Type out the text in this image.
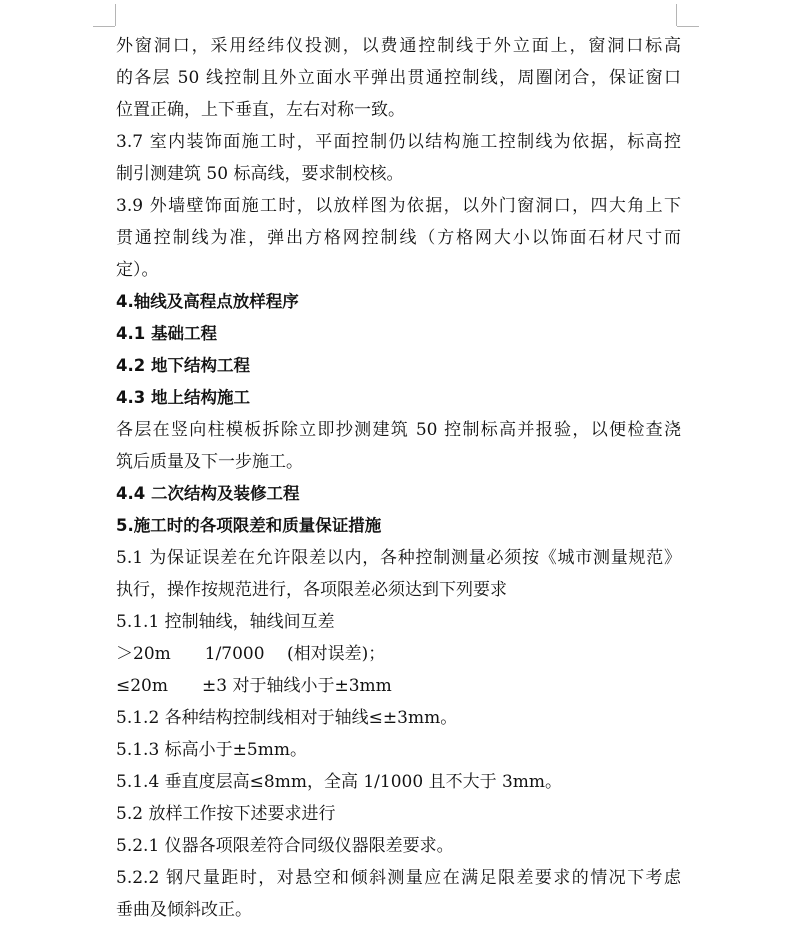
外窗洞口，采用经纬仪投测，以费通控制线于外立面上，窗洞口标高
的各层 50 线控制且外立面水平弹出贯通控制线，周圈闭合，保证窗口
位置正确，上下垂直，左右对称一致。
3.7 室内装饰面施工时，平面控制仍以结构施工控制线为依据，标高控
制引测建筑 50 标高线，要求制校核。
3.9 外墙壁饰面施工时，以放样图为依据，以外门窗洞口，四大角上下
贯通控制线为准，弹出方格网控制线（方格网大小以饰面石材尺寸而
定）。
4.轴线及高程点放样程序
4.1 基础工程
4.2 地下结构工程
4.3 地上结构施工
各层在竖向柱模板拆除立即抄测建筑 50 控制标高并报验，以便检查浇
筑后质量及下一步施工。
4.4 二次结构及装修工程
5.施工时的各项限差和质量保证措施
5.1 为保证误差在允许限差以内，各种控制测量必须按《城市测量规范》
执行，操作按规范进行，各项限差必须达到下列要求
5.1.1 控制轴线，轴线间互差
＞20m　　1/7000　 (相对误差)；
≤20m　　±3 对于轴线小于±3mm
5.1.2 各种结构控制线相对于轴线≤±3mm。
5.1.3 标高小于±5mm。
5.1.4 垂直度层高≤8mm，全高 1/1000 且不大于 3mm。
5.2 放样工作按下述要求进行
5.2.1 仪器各项限差符合同级仪器限差要求。
5.2.2 钢尺量距时，对悬空和倾斜测量应在满足限差要求的情况下考虑
垂曲及倾斜改正。
